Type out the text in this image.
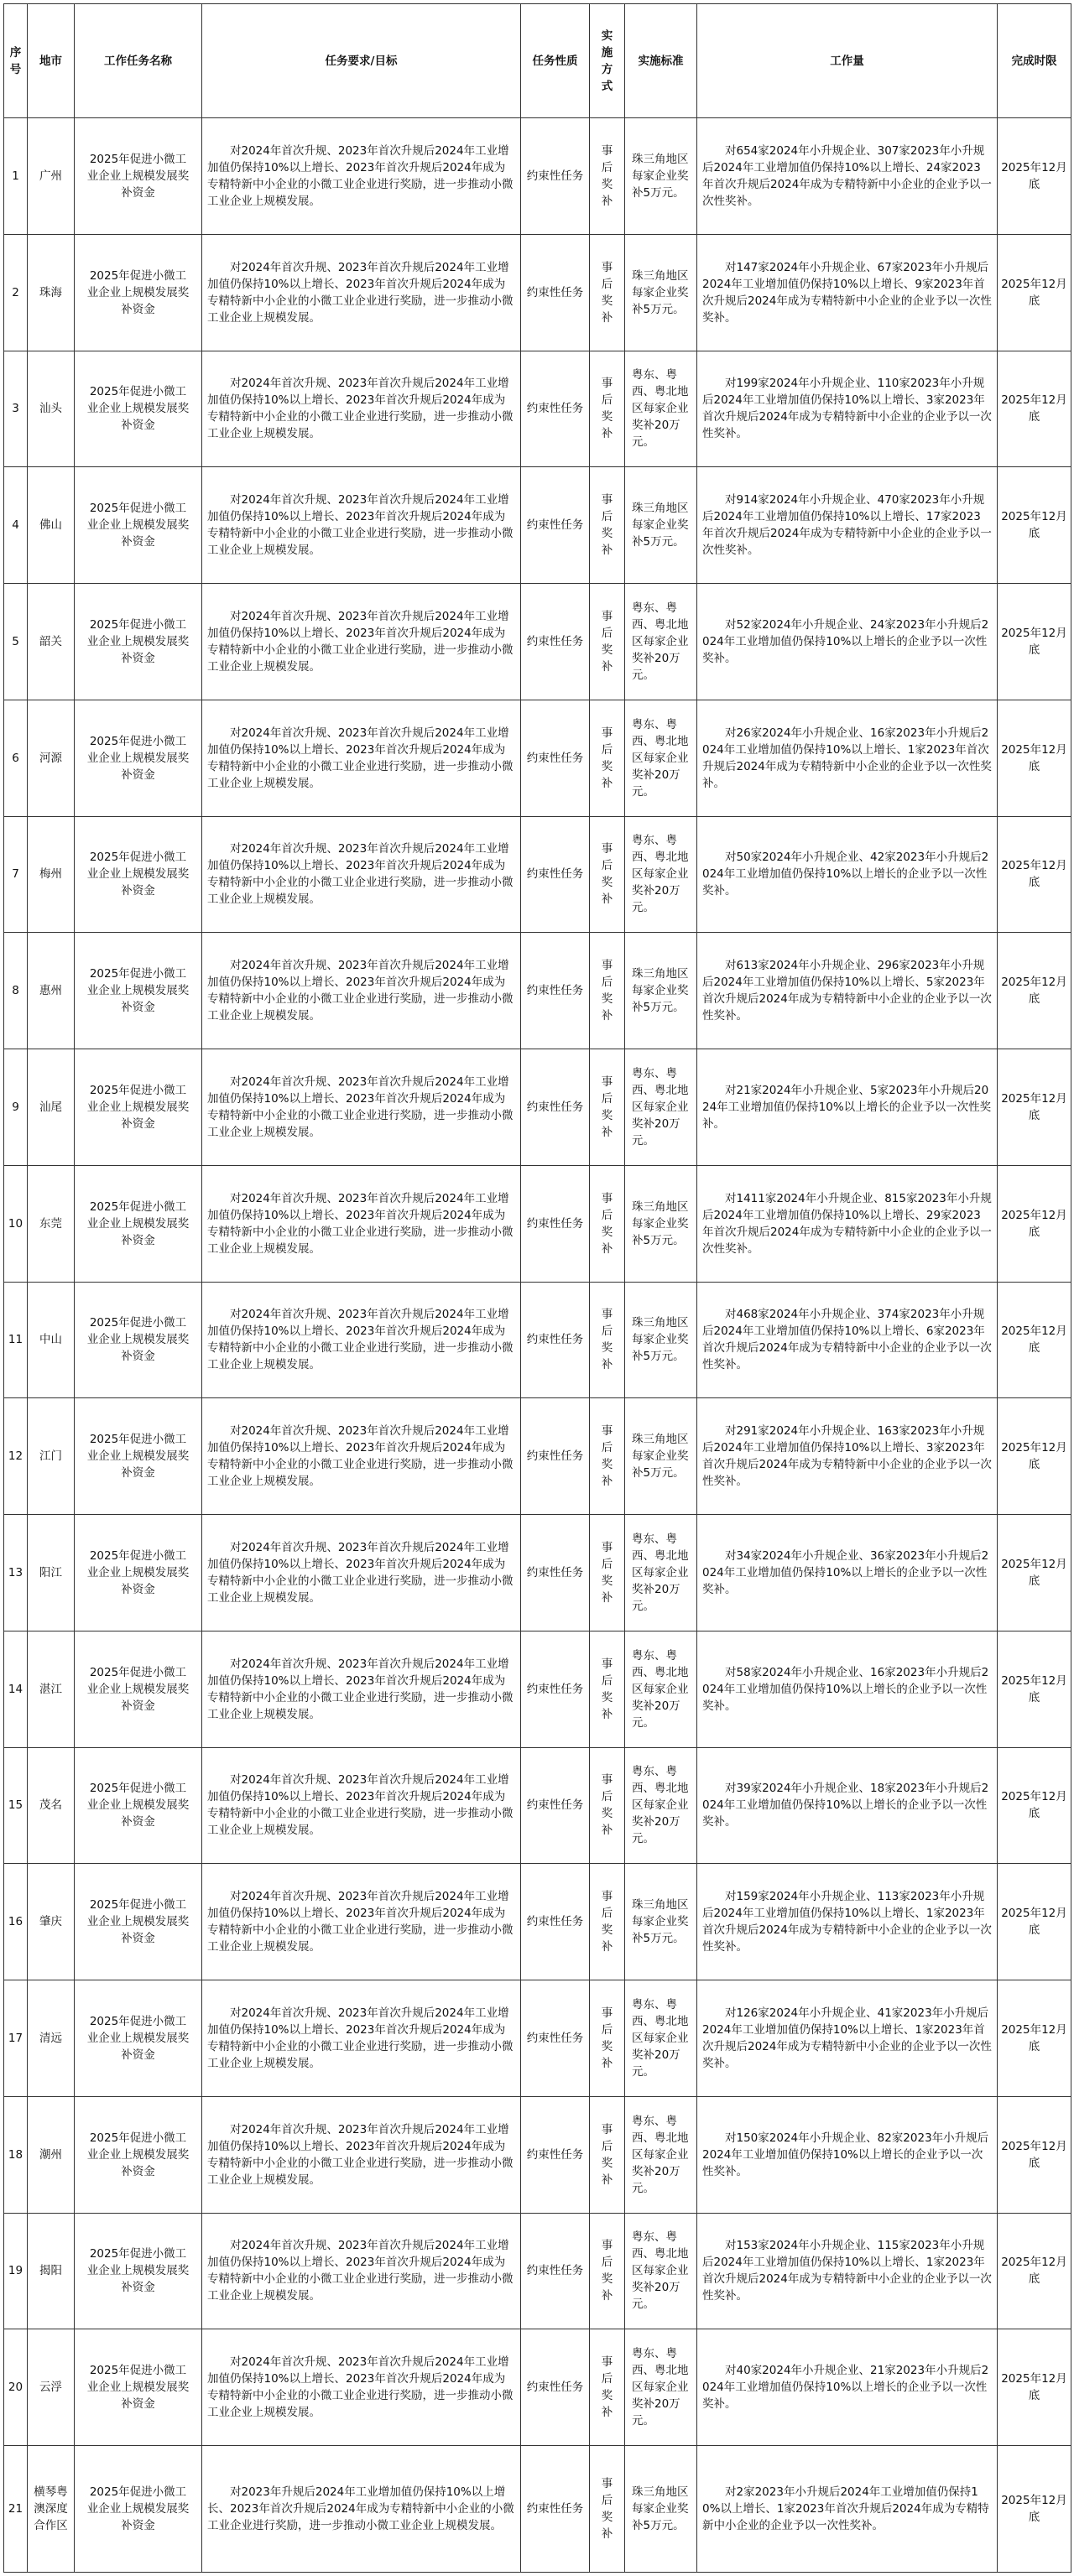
序号	地市	工作任务名称	任务要求/目标	任务性质	实施方式	实施标准	工作量	完成时限
1	广州	2025年促进小微工业企业上规模发展奖补资金	对2024年首次升规、2023年首次升规后2024年工业增加值仍保持10%以上增长、2023年首次升规后2024年成为专精特新中小企业的小微工业企业进行奖励，进一步推动小微工业企业上规模发展。	约束性任务	事后奖补	珠三角地区每家企业奖补5万元。	对654家2024年小升规企业、307家2023年小升规后2024年工业增加值仍保持10%以上增长、24家2023年首次升规后2024年成为专精特新中小企业的企业予以一次性奖补。	2025年12月底
2	珠海	2025年促进小微工业企业上规模发展奖补资金	对2024年首次升规、2023年首次升规后2024年工业增加值仍保持10%以上增长、2023年首次升规后2024年成为专精特新中小企业的小微工业企业进行奖励，进一步推动小微工业企业上规模发展。	约束性任务	事后奖补	珠三角地区每家企业奖补5万元。	对147家2024年小升规企业、67家2023年小升规后2024年工业增加值仍保持10%以上增长、9家2023年首次升规后2024年成为专精特新中小企业的企业予以一次性奖补。	2025年12月底
3	汕头	2025年促进小微工业企业上规模发展奖补资金	对2024年首次升规、2023年首次升规后2024年工业增加值仍保持10%以上增长、2023年首次升规后2024年成为专精特新中小企业的小微工业企业进行奖励，进一步推动小微工业企业上规模发展。	约束性任务	事后奖补	粤东、粤西、粤北地区每家企业奖补20万元。	对199家2024年小升规企业、110家2023年小升规后2024年工业增加值仍保持10%以上增长、3家2023年首次升规后2024年成为专精特新中小企业的企业予以一次性奖补。	2025年12月底
4	佛山	2025年促进小微工业企业上规模发展奖补资金	对2024年首次升规、2023年首次升规后2024年工业增加值仍保持10%以上增长、2023年首次升规后2024年成为专精特新中小企业的小微工业企业进行奖励，进一步推动小微工业企业上规模发展。	约束性任务	事后奖补	珠三角地区每家企业奖补5万元。	对914家2024年小升规企业、470家2023年小升规后2024年工业增加值仍保持10%以上增长、17家2023年首次升规后2024年成为专精特新中小企业的企业予以一次性奖补。	2025年12月底
5	韶关	2025年促进小微工业企业上规模发展奖补资金	对2024年首次升规、2023年首次升规后2024年工业增加值仍保持10%以上增长、2023年首次升规后2024年成为专精特新中小企业的小微工业企业进行奖励，进一步推动小微工业企业上规模发展。	约束性任务	事后奖补	粤东、粤西、粤北地区每家企业奖补20万元。	对52家2024年小升规企业、24家2023年小升规后2024年工业增加值仍保持10%以上增长的企业予以一次性奖补。	2025年12月底
6	河源	2025年促进小微工业企业上规模发展奖补资金	对2024年首次升规、2023年首次升规后2024年工业增加值仍保持10%以上增长、2023年首次升规后2024年成为专精特新中小企业的小微工业企业进行奖励，进一步推动小微工业企业上规模发展。	约束性任务	事后奖补	粤东、粤西、粤北地区每家企业奖补20万元。	对26家2024年小升规企业、16家2023年小升规后2024年工业增加值仍保持10%以上增长、1家2023年首次升规后2024年成为专精特新中小企业的企业予以一次性奖补。	2025年12月底
7	梅州	2025年促进小微工业企业上规模发展奖补资金	对2024年首次升规、2023年首次升规后2024年工业增加值仍保持10%以上增长、2023年首次升规后2024年成为专精特新中小企业的小微工业企业进行奖励，进一步推动小微工业企业上规模发展。	约束性任务	事后奖补	粤东、粤西、粤北地区每家企业奖补20万元。	对50家2024年小升规企业、42家2023年小升规后2024年工业增加值仍保持10%以上增长的企业予以一次性奖补。	2025年12月底
8	惠州	2025年促进小微工业企业上规模发展奖补资金	对2024年首次升规、2023年首次升规后2024年工业增加值仍保持10%以上增长、2023年首次升规后2024年成为专精特新中小企业的小微工业企业进行奖励，进一步推动小微工业企业上规模发展。	约束性任务	事后奖补	珠三角地区每家企业奖补5万元。	对613家2024年小升规企业、296家2023年小升规后2024年工业增加值仍保持10%以上增长、5家2023年首次升规后2024年成为专精特新中小企业的企业予以一次性奖补。	2025年12月底
9	汕尾	2025年促进小微工业企业上规模发展奖补资金	对2024年首次升规、2023年首次升规后2024年工业增加值仍保持10%以上增长、2023年首次升规后2024年成为专精特新中小企业的小微工业企业进行奖励，进一步推动小微工业企业上规模发展。	约束性任务	事后奖补	粤东、粤西、粤北地区每家企业奖补20万元。	对21家2024年小升规企业、5家2023年小升规后2024年工业增加值仍保持10%以上增长的企业予以一次性奖补。	2025年12月底
10	东莞	2025年促进小微工业企业上规模发展奖补资金	对2024年首次升规、2023年首次升规后2024年工业增加值仍保持10%以上增长、2023年首次升规后2024年成为专精特新中小企业的小微工业企业进行奖励，进一步推动小微工业企业上规模发展。	约束性任务	事后奖补	珠三角地区每家企业奖补5万元。	对1411家2024年小升规企业、815家2023年小升规后2024年工业增加值仍保持10%以上增长、29家2023年首次升规后2024年成为专精特新中小企业的企业予以一次性奖补。	2025年12月底
11	中山	2025年促进小微工业企业上规模发展奖补资金	对2024年首次升规、2023年首次升规后2024年工业增加值仍保持10%以上增长、2023年首次升规后2024年成为专精特新中小企业的小微工业企业进行奖励，进一步推动小微工业企业上规模发展。	约束性任务	事后奖补	珠三角地区每家企业奖补5万元。	对468家2024年小升规企业、374家2023年小升规后2024年工业增加值仍保持10%以上增长、6家2023年首次升规后2024年成为专精特新中小企业的企业予以一次性奖补。	2025年12月底
12	江门	2025年促进小微工业企业上规模发展奖补资金	对2024年首次升规、2023年首次升规后2024年工业增加值仍保持10%以上增长、2023年首次升规后2024年成为专精特新中小企业的小微工业企业进行奖励，进一步推动小微工业企业上规模发展。	约束性任务	事后奖补	珠三角地区每家企业奖补5万元。	对291家2024年小升规企业、163家2023年小升规后2024年工业增加值仍保持10%以上增长、3家2023年首次升规后2024年成为专精特新中小企业的企业予以一次性奖补。	2025年12月底
13	阳江	2025年促进小微工业企业上规模发展奖补资金	对2024年首次升规、2023年首次升规后2024年工业增加值仍保持10%以上增长、2023年首次升规后2024年成为专精特新中小企业的小微工业企业进行奖励，进一步推动小微工业企业上规模发展。	约束性任务	事后奖补	粤东、粤西、粤北地区每家企业奖补20万元。	对34家2024年小升规企业、36家2023年小升规后2024年工业增加值仍保持10%以上增长的企业予以一次性奖补。	2025年12月底
14	湛江	2025年促进小微工业企业上规模发展奖补资金	对2024年首次升规、2023年首次升规后2024年工业增加值仍保持10%以上增长、2023年首次升规后2024年成为专精特新中小企业的小微工业企业进行奖励，进一步推动小微工业企业上规模发展。	约束性任务	事后奖补	粤东、粤西、粤北地区每家企业奖补20万元。	对58家2024年小升规企业、16家2023年小升规后2024年工业增加值仍保持10%以上增长的企业予以一次性奖补。	2025年12月底
15	茂名	2025年促进小微工业企业上规模发展奖补资金	对2024年首次升规、2023年首次升规后2024年工业增加值仍保持10%以上增长、2023年首次升规后2024年成为专精特新中小企业的小微工业企业进行奖励，进一步推动小微工业企业上规模发展。	约束性任务	事后奖补	粤东、粤西、粤北地区每家企业奖补20万元。	对39家2024年小升规企业、18家2023年小升规后2024年工业增加值仍保持10%以上增长的企业予以一次性奖补。	2025年12月底
16	肇庆	2025年促进小微工业企业上规模发展奖补资金	对2024年首次升规、2023年首次升规后2024年工业增加值仍保持10%以上增长、2023年首次升规后2024年成为专精特新中小企业的小微工业企业进行奖励，进一步推动小微工业企业上规模发展。	约束性任务	事后奖补	珠三角地区每家企业奖补5万元。	对159家2024年小升规企业、113家2023年小升规后2024年工业增加值仍保持10%以上增长、1家2023年首次升规后2024年成为专精特新中小企业的企业予以一次性奖补。	2025年12月底
17	清远	2025年促进小微工业企业上规模发展奖补资金	对2024年首次升规、2023年首次升规后2024年工业增加值仍保持10%以上增长、2023年首次升规后2024年成为专精特新中小企业的小微工业企业进行奖励，进一步推动小微工业企业上规模发展。	约束性任务	事后奖补	粤东、粤西、粤北地区每家企业奖补20万元。	对126家2024年小升规企业、41家2023年小升规后2024年工业增加值仍保持10%以上增长、1家2023年首次升规后2024年成为专精特新中小企业的企业予以一次性奖补。	2025年12月底
18	潮州	2025年促进小微工业企业上规模发展奖补资金	对2024年首次升规、2023年首次升规后2024年工业增加值仍保持10%以上增长、2023年首次升规后2024年成为专精特新中小企业的小微工业企业进行奖励，进一步推动小微工业企业上规模发展。	约束性任务	事后奖补	粤东、粤西、粤北地区每家企业奖补20万元。	对150家2024年小升规企业、82家2023年小升规后2024年工业增加值仍保持10%以上增长的企业予以一次性奖补。	2025年12月底
19	揭阳	2025年促进小微工业企业上规模发展奖补资金	对2024年首次升规、2023年首次升规后2024年工业增加值仍保持10%以上增长、2023年首次升规后2024年成为专精特新中小企业的小微工业企业进行奖励，进一步推动小微工业企业上规模发展。	约束性任务	事后奖补	粤东、粤西、粤北地区每家企业奖补20万元。	对153家2024年小升规企业、115家2023年小升规后2024年工业增加值仍保持10%以上增长、1家2023年首次升规后2024年成为专精特新中小企业的企业予以一次性奖补。	2025年12月底
20	云浮	2025年促进小微工业企业上规模发展奖补资金	对2024年首次升规、2023年首次升规后2024年工业增加值仍保持10%以上增长、2023年首次升规后2024年成为专精特新中小企业的小微工业企业进行奖励，进一步推动小微工业企业上规模发展。	约束性任务	事后奖补	粤东、粤西、粤北地区每家企业奖补20万元。	对40家2024年小升规企业、21家2023年小升规后2024年工业增加值仍保持10%以上增长的企业予以一次性奖补。	2025年12月底
21	横琴粤澳深度合作区	2025年促进小微工业企业上规模发展奖补资金	对2023年升规后2024年工业增加值仍保持10%以上增长、2023年首次升规后2024年成为专精特新中小企业的小微工业企业进行奖励，进一步推动小微工业企业上规模发展。	约束性任务	事后奖补	珠三角地区每家企业奖补5万元。	对2家2023年小升规后2024年工业增加值仍保持10%以上增长、1家2023年首次升规后2024年成为专精特新中小企业的企业予以一次性奖补。	2025年12月底
